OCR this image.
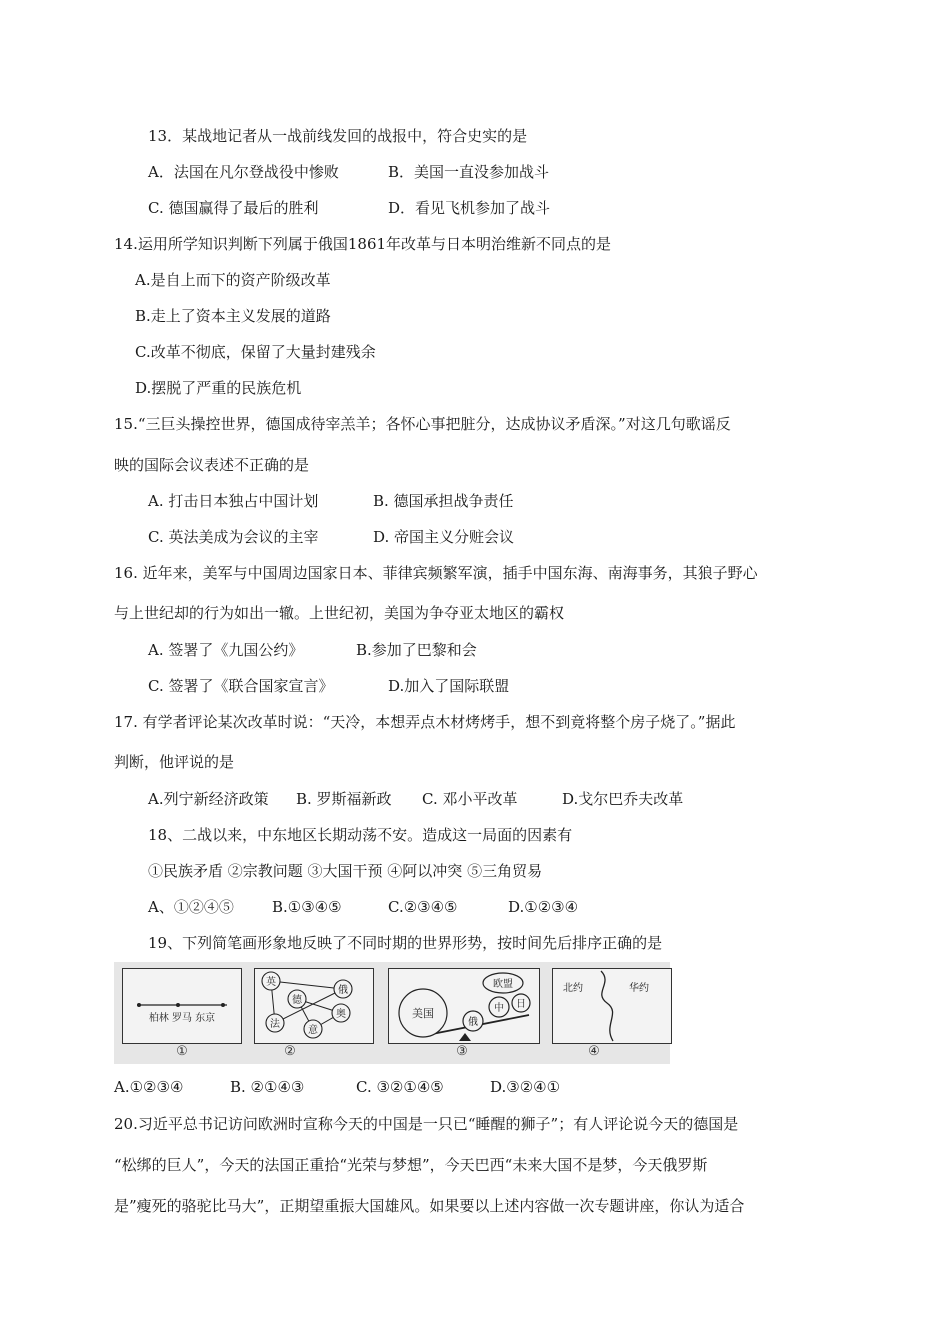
13．某战地记者从一战前线发回的战报中，符合史实的是
A．法国在凡尔登战役中惨败	B．美国一直没参加战斗
C. 德国赢得了最后的胜利	D．看见飞机参加了战斗
14.运用所学知识判断下列属于俄国1861年改革与日本明治维新不同点的是
A.是自上而下的资产阶级改革
B.走上了资本主义发展的道路
C.改革不彻底，保留了大量封建残余
D.摆脱了严重的民族危机
15.“三巨头操控世界，德国成待宰羔羊；各怀心事把脏分，达成协议矛盾深。”对这几句歌谣反
映的国际会议表述不正确的是
A. 打击日本独占中国计划	B. 德国承担战争责任
C. 英法美成为会议的主宰	D. 帝国主义分赃会议
16. 近年来，美军与中国周边国家日本、菲律宾频繁军演，插手中国东海、南海事务，其狼子野心
与上世纪却的行为如出一辙。上世纪初，美国为争夺亚太地区的霸权
A. 签署了《九国公约》	B.参加了巴黎和会
C. 签署了《联合国家宣言》	D.加入了国际联盟
17. 有学者评论某次改革时说：“天冷，本想弄点木材烤烤手，想不到竟将整个房子烧了。”据此
判断，他评说的是
A.列宁新经济政策 B. 罗斯福新政 C. 邓小平改革	D.戈尔巴乔夫改革
18、二战以来，中东地区长期动荡不安。造成这一局面的因素有
①民族矛盾 ②宗教问题 ③大国干预 ④阿以冲突 ⑤三角贸易
A、①②④⑤	B.①③④⑤	C.②③④⑤	D.①②③④
19、下列简笔画形象地反映了不同时期的世界形势，按时间先后排序正确的是
柏林 罗马 东京
①
英
俄
德
法
奥
意
②
美国
欧盟
日
中
俄
③
北约	华约
④
A.①②③④	B. ②①④③	C. ③②①④⑤	D.③②④①
20.习近平总书记访问欧洲时宣称今天的中国是一只已“睡醒的狮子”；有人评论说今天的德国是
“松绑的巨人”，今天的法国正重拾“光荣与梦想”，今天巴西“未来大国不是梦，今天俄罗斯
是”瘦死的骆驼比马大”，正期望重振大国雄风。如果要以上述内容做一次专题讲座，你认为适合
